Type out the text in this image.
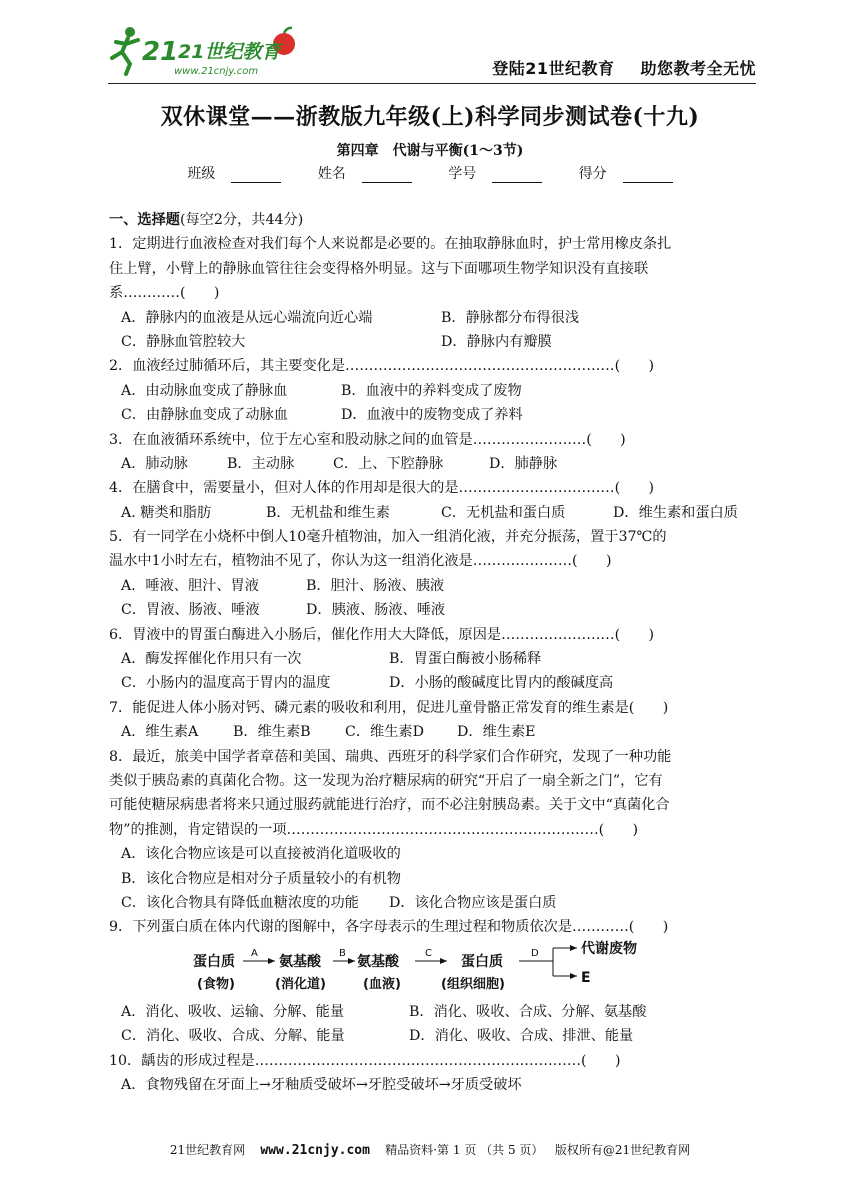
21 21世纪教育
www.21cnjy.com	登陆21世纪教育 助您教考全无忧
双休课堂——浙教版九年级(上)科学同步测试卷(十九)
第四章　代谢与平衡(1～3节)
班级	姓名	学号	得分
一、选择题(每空2分，共44分)
1．定期进行血液检查对我们每个人来说都是必要的。在抽取静脉血时，护士常用橡皮条扎
住上臂，小臂上的静脉血管往往会变得格外明显。这与下面哪项生物学知识没有直接联
系…………(　　)
A．静脉内的血液是从远心端流向近心端	B．静脉都分布得很浅
C．静脉血管腔较大	D．静脉内有瓣膜
2．血液经过肺循环后，其主要变化是…………………………………………………(　　)
A．由动脉血变成了静脉血	B．血液中的养料变成了废物
C．由静脉血变成了动脉血	D．血液中的废物变成了养料
3．在血液循环系统中，位于左心室和股动脉之间的血管是……………………(　　)
A．肺动脉	B．主动脉	C．上、下腔静脉	D．肺静脉
4．在膳食中，需要量小，但对人体的作用却是很大的是……………………………(　　)
A. 糖类和脂肪	B．无机盐和维生素	C．无机盐和蛋白质	D．维生素和蛋白质
5．有一同学在小烧杯中倒人10毫升植物油，加入一组消化液，并充分振荡，置于37℃的
温水中1小时左右，植物油不见了，你认为这一组消化液是…………………(　　)
A．唾液、胆汁、胃液	B．胆汁、肠液、胰液
C．胃液、肠液、唾液	D．胰液、肠液、唾液
6．胃液中的胃蛋白酶进入小肠后，催化作用大大降低，原因是……………………(　　)
A．酶发挥催化作用只有一次	B．胃蛋白酶被小肠稀释
C．小肠内的温度高于胃内的温度	D．小肠的酸碱度比胃内的酸碱度高
7．能促进人体小肠对钙、磷元素的吸收和利用，促进儿童骨骼正常发育的维生素是(　　)
A．维生素A B．维生素B C．维生素D D．维生素E
8．最近，旅美中国学者章蓓和美国、瑞典、西班牙的科学家们合作研究，发现了一种功能
类似于胰岛素的真菌化合物。这一发现为治疗糖尿病的研究“开启了一扇全新之门”，它有
可能使糖尿病患者将来只通过服药就能进行治疗，而不必注射胰岛素。关于文中“真菌化合
物”的推测，肯定错误的一项…………………………………………………………(　　)
A．该化合物应该是可以直接被消化道吸收的
B．该化合物应是相对分子质量较小的有机物
C．该化合物具有降低血糖浓度的功能 D．该化合物应该是蛋白质
9．下列蛋白质在体内代谢的图解中，各字母表示的生理过程和物质依次是…………(　　)
蛋白质
(食物)
A
氨基酸
(消化道)
B
氨基酸
(血液)
C
蛋白质
(组织细胞)
D	代谢废物
E
A．消化、吸收、运输、分解、能量	B．消化、吸收、合成、分解、氨基酸
C．消化、吸收、合成、分解、能量	D．消化、吸收、合成、排泄、能量
10．龋齿的形成过程是……………………………………………………………(　　)
A．食物残留在牙面上→牙釉质受破坏→牙腔受破坏→牙质受破坏
21世纪教育网 www.21cnjy.com 精品资料·第 1 页 （共 5 页） 版权所有@21世纪教育网
